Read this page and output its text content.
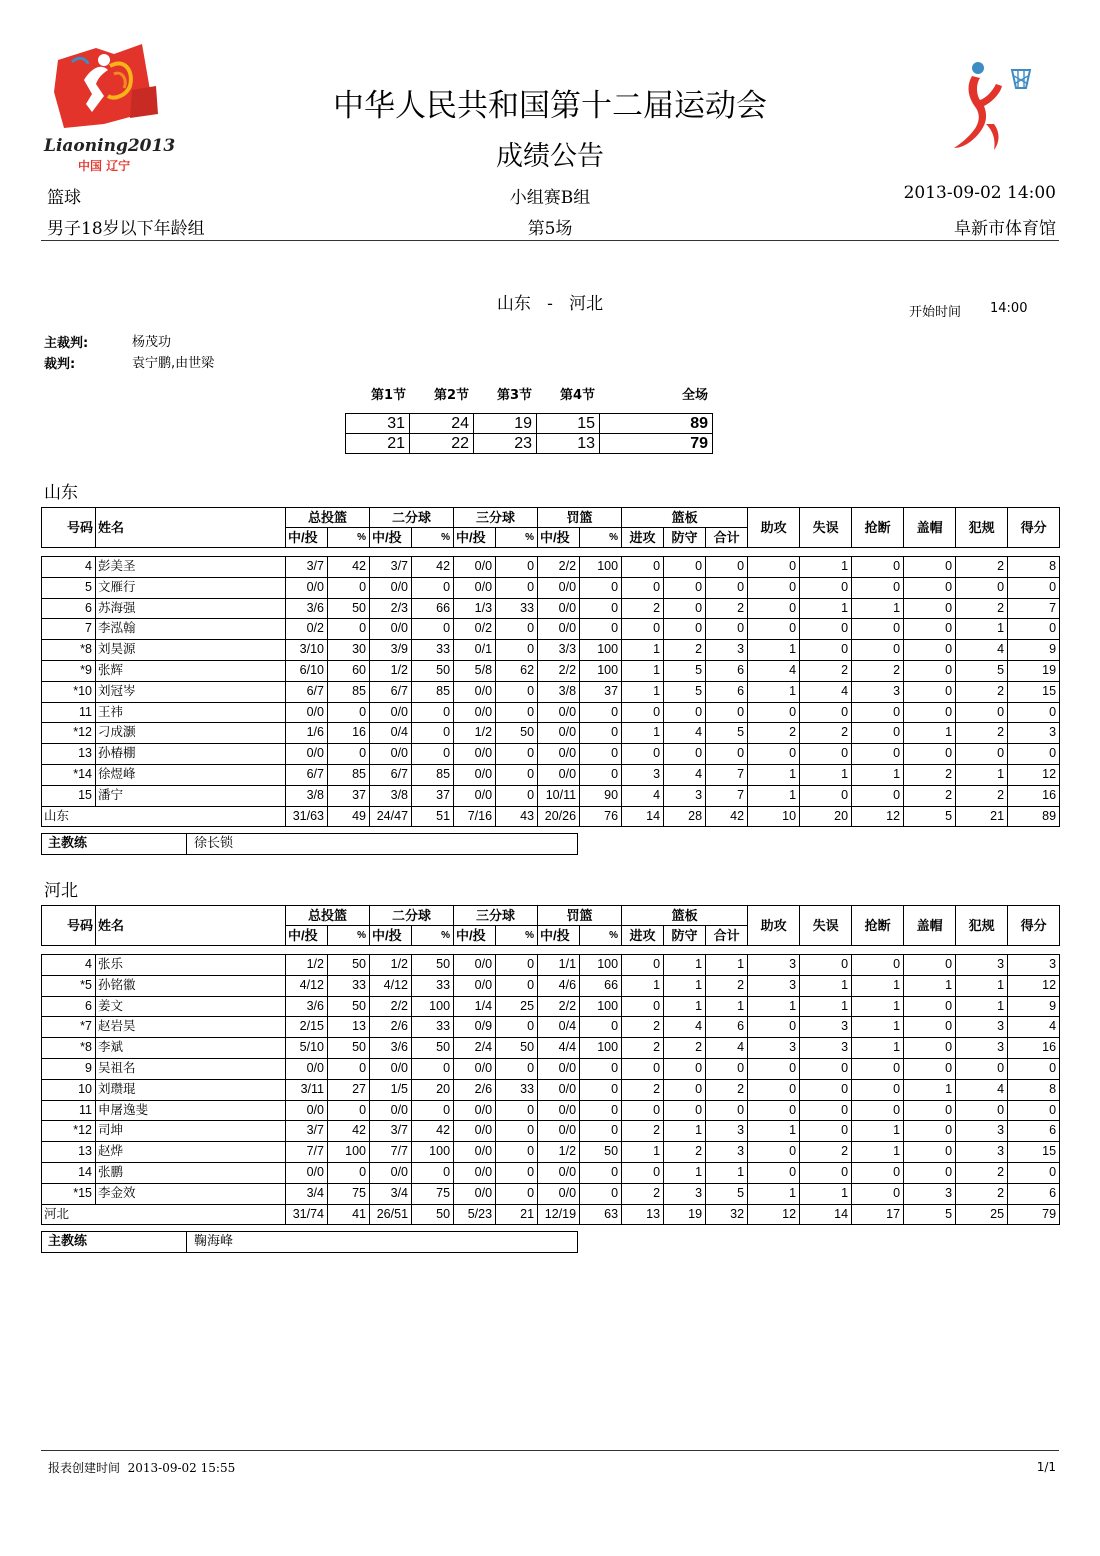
Liaoning2013
中国 辽宁
中华人民共和国第十二届运动会
成绩公告
篮球	小组赛B组	2013-09-02 14:00
男子18岁以下年龄组	第5场	阜新市体育馆
山东   -   河北	开始时间 14:00
主裁判:	杨茂功
裁判:	袁宁鹏,由世梁
第1节 第2节 第3节 第4节	全场
31	24	19	15	89
21	22	23	13	79
山东
号码	姓名	总投篮		二分球		三分球		罚篮		篮板			助攻	失误	抢断	盖帽	犯规	得分
		中/投	%	中/投	%	中/投	%	中/投	%	进攻	防守	合计						

4	彭美圣	3/7	42	3/7	42	0/0	0	2/2	100	0	0	0	0	1	0	0	2	8
5	文雁行	0/0	0	0/0	0	0/0	0	0/0	0	0	0	0	0	0	0	0	0	0
6	苏海强	3/6	50	2/3	66	1/3	33	0/0	0	2	0	2	0	1	1	0	2	7
7	李泓翰	0/2	0	0/0	0	0/2	0	0/0	0	0	0	0	0	0	0	0	1	0
*8	刘昊源	3/10	30	3/9	33	0/1	0	3/3	100	1	2	3	1	0	0	0	4	9
*9	张辉	6/10	60	1/2	50	5/8	62	2/2	100	1	5	6	4	2	2	0	5	19
*10	刘冠岑	6/7	85	6/7	85	0/0	0	3/8	37	1	5	6	1	4	3	0	2	15
11	王祎	0/0	0	0/0	0	0/0	0	0/0	0	0	0	0	0	0	0	0	0	0
*12	刁成灏	1/6	16	0/4	0	1/2	50	0/0	0	1	4	5	2	2	0	1	2	3
13	孙椿棚	0/0	0	0/0	0	0/0	0	0/0	0	0	0	0	0	0	0	0	0	0
*14	徐煜峰	6/7	85	6/7	85	0/0	0	0/0	0	3	4	7	1	1	1	2	1	12
15	潘宁	3/8	37	3/8	37	0/0	0	10/11	90	4	3	7	1	0	0	2	2	16
山东		31/63	49	24/47	51	7/16	43	20/26	76	14	28	42	10	20	12	5	21	89
主教练	徐长锁
河北
号码	姓名	总投篮		二分球		三分球		罚篮		篮板			助攻	失误	抢断	盖帽	犯规	得分
		中/投	%	中/投	%	中/投	%	中/投	%	进攻	防守	合计						

4	张乐	1/2	50	1/2	50	0/0	0	1/1	100	0	1	1	3	0	0	0	3	3
*5	孙铭徽	4/12	33	4/12	33	0/0	0	4/6	66	1	1	2	3	1	1	1	1	12
6	姜文	3/6	50	2/2	100	1/4	25	2/2	100	0	1	1	1	1	1	0	1	9
*7	赵岩昊	2/15	13	2/6	33	0/9	0	0/4	0	2	4	6	0	3	1	0	3	4
*8	李斌	5/10	50	3/6	50	2/4	50	4/4	100	2	2	4	3	3	1	0	3	16
9	吴祖名	0/0	0	0/0	0	0/0	0	0/0	0	0	0	0	0	0	0	0	0	0
10	刘瓒琨	3/11	27	1/5	20	2/6	33	0/0	0	2	0	2	0	0	0	1	4	8
11	申屠逸斐	0/0	0	0/0	0	0/0	0	0/0	0	0	0	0	0	0	0	0	0	0
*12	司坤	3/7	42	3/7	42	0/0	0	0/0	0	2	1	3	1	0	1	0	3	6
13	赵烨	7/7	100	7/7	100	0/0	0	1/2	50	1	2	3	0	2	1	0	3	15
14	张鹏	0/0	0	0/0	0	0/0	0	0/0	0	0	1	1	0	0	0	0	2	0
*15	李金效	3/4	75	3/4	75	0/0	0	0/0	0	2	3	5	1	1	0	3	2	6
河北		31/74	41	26/51	50	5/23	21	12/19	63	13	19	32	12	14	17	5	25	79
主教练	鞠海峰
报表创建时间  2013-09-02 15:55	1/1
